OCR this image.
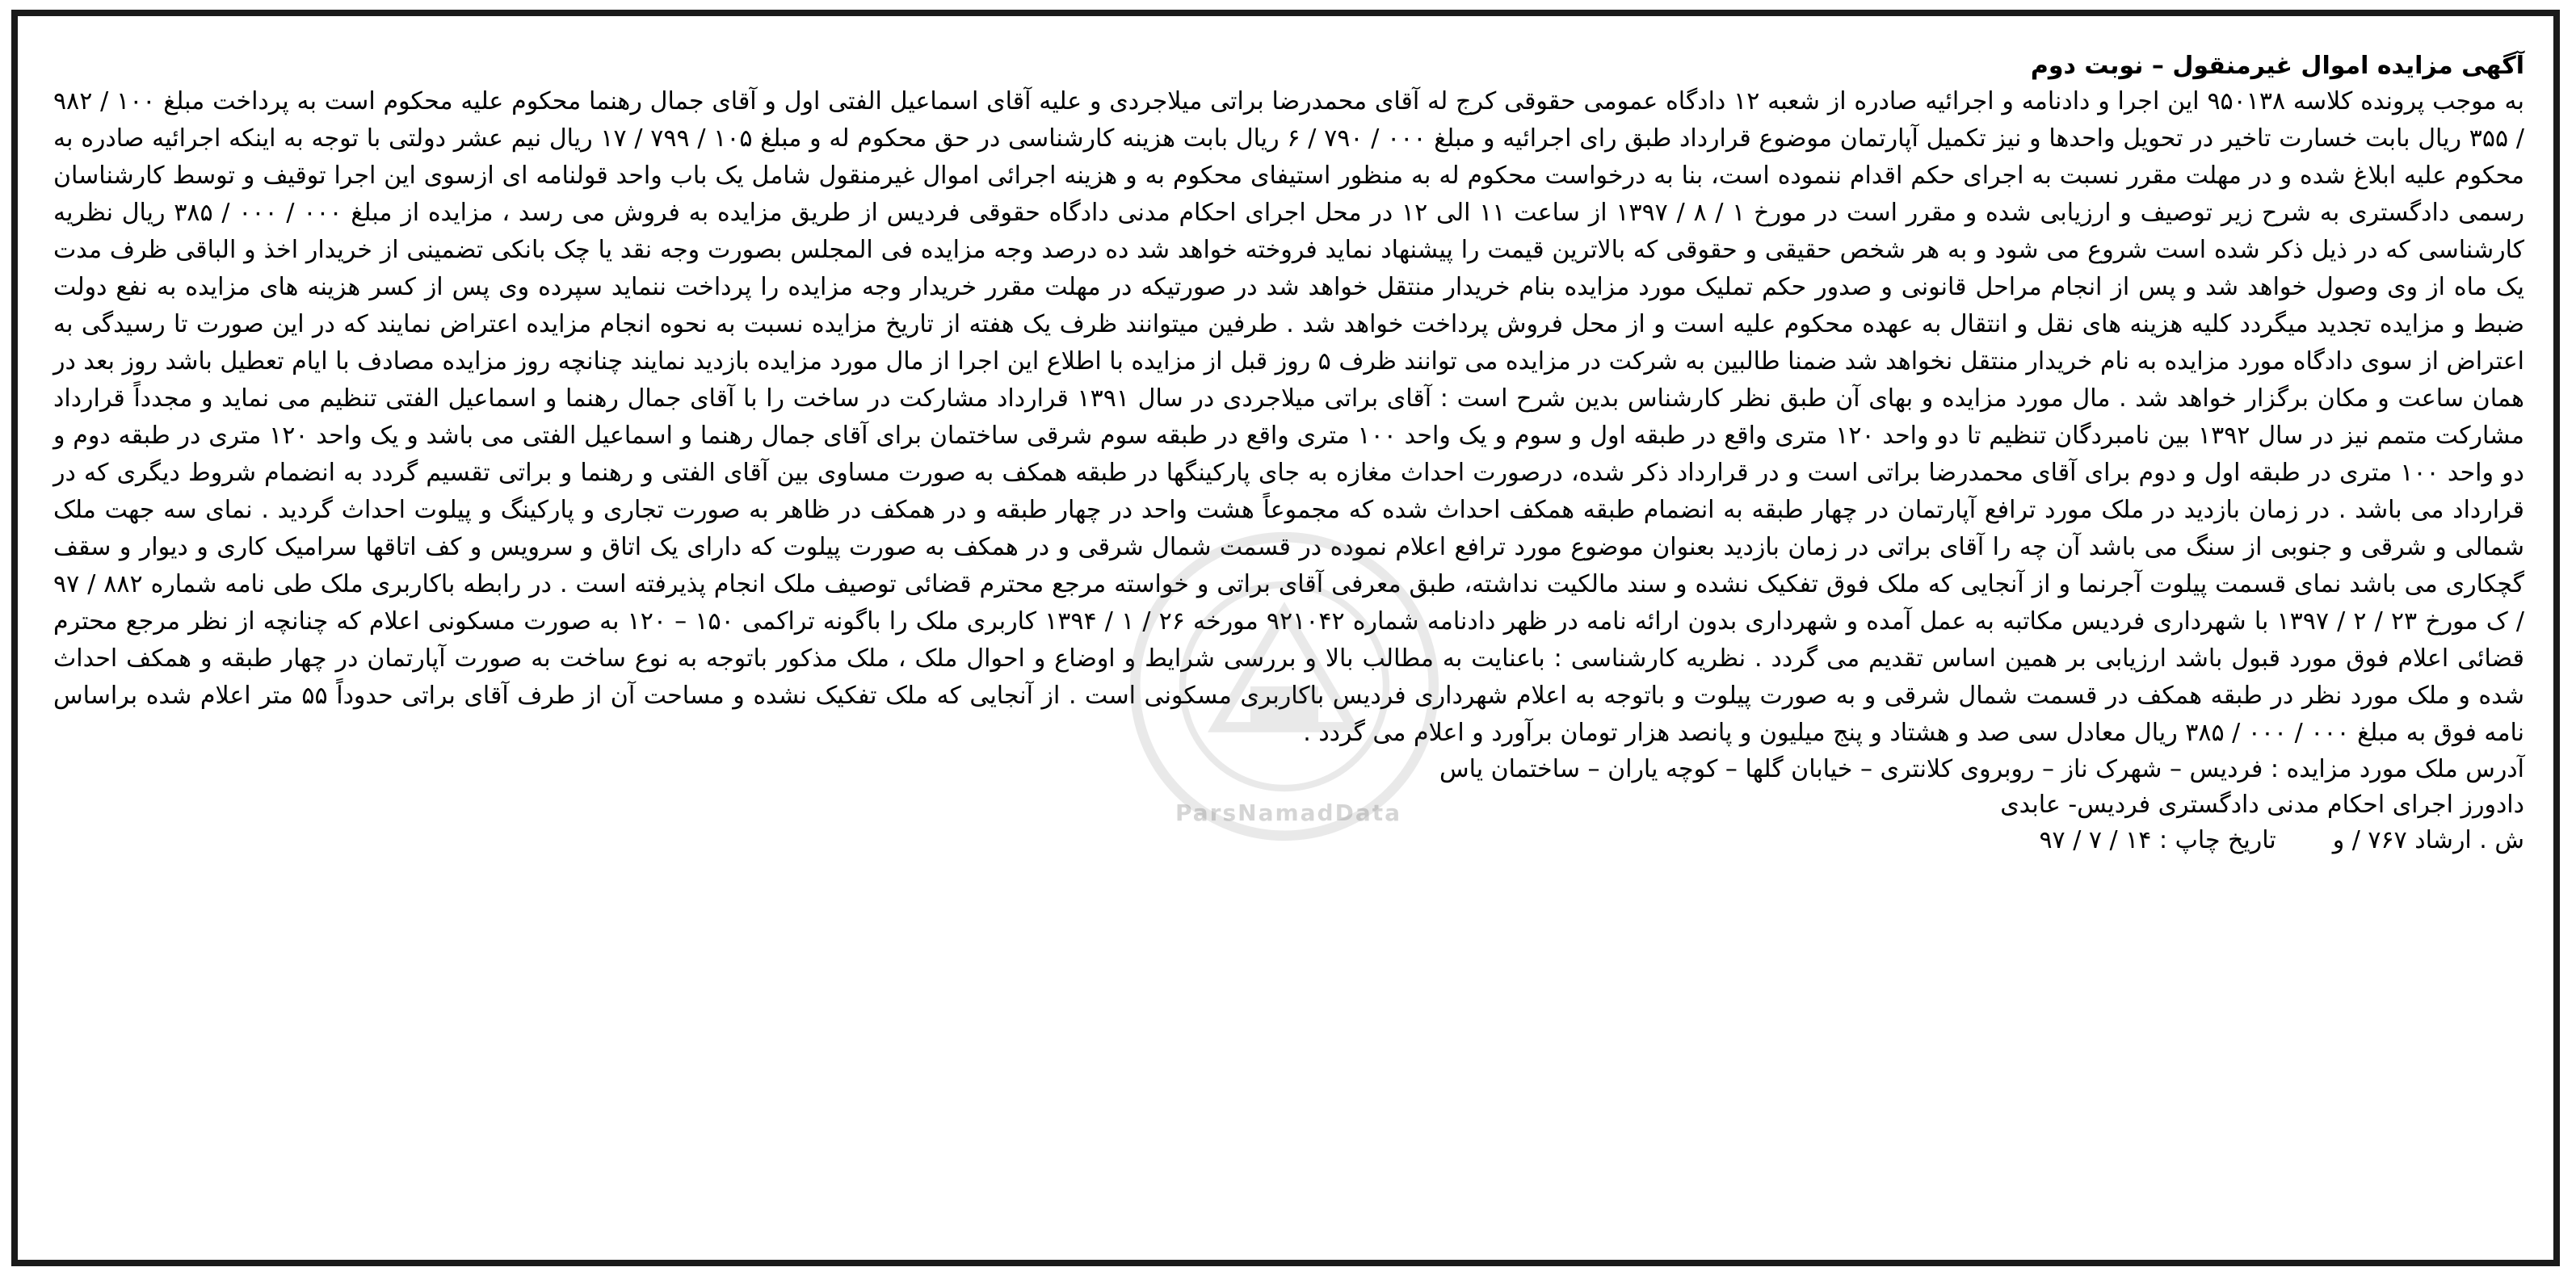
آگهی مزایده اموال غیرمنقول – نوبت دوم

به موجب پرونده کلاسه ۹۵۰۱۳۸ این اجرا و دادنامه و اجرائیه صادره از شعبه ۱۲ دادگاه عمومی حقوقی کرج له آقای محمدرضا براتی میلاجردی و علیه آقای اسماعیل الفتی اول و آقای جمال رهنما محکوم علیه محکوم است به پرداخت مبلغ ۱۰۰ / ۹۸۲ / ۳۵۵ ریال بابت خسارت تاخیر در تحویل واحدها و نیز تکمیل آپارتمان موضوع قرارداد طبق رای اجرائیه و مبلغ ۰۰۰ / ۷۹۰ / ۶ ریال بابت هزینه کارشناسی در حق محکوم له و مبلغ ۱۰۵ / ۷۹۹ / ۱۷ ریال نیم عشر دولتی با توجه به اینکه اجرائیه صادره به محکوم علیه ابلاغ شده و در مهلت مقرر نسبت به اجرای حکم اقدام ننموده است، بنا به درخواست محکوم له به منظور استیفای محکوم به و هزینه اجرائی اموال غیرمنقول شامل یک باب واحد قولنامه ای ازسوی این اجرا توقیف و توسط کارشناسان رسمی دادگستری به شرح زیر توصیف و ارزیابی شده و مقرر است در مورخ ۱ / ۸ / ۱۳۹۷ از ساعت ۱۱ الی ۱۲ در محل اجرای احکام مدنی دادگاه حقوقی فردیس از طریق مزایده به فروش می رسد ، مزایده از مبلغ ۰۰۰ / ۰۰۰ / ۳۸۵ ریال نظریه کارشناسی که در ذیل ذکر شده است شروع می شود و به هر شخص حقیقی و حقوقی که بالاترین قیمت را پیشنهاد نماید فروخته خواهد شد ده درصد وجه مزایده فی المجلس بصورت وجه نقد یا چک بانکی تضمینی از خریدار اخذ و الباقی ظرف مدت یک ماه از وی وصول خواهد شد و پس از انجام مراحل قانونی و صدور حکم تملیک مورد مزایده بنام خریدار منتقل خواهد شد در صورتیکه در مهلت مقرر خریدار وجه مزایده را پرداخت ننماید سپرده وی پس از کسر هزینه های مزایده به نفع دولت ضبط و مزایده تجدید میگردد کلیه هزینه های نقل و انتقال به عهده محکوم علیه است و از محل فروش پرداخت خواهد شد . طرفین میتوانند ظرف یک هفته از تاریخ مزایده نسبت به نحوه انجام مزایده اعتراض نمایند که در این صورت تا رسیدگی به اعتراض از سوی دادگاه مورد مزایده به نام خریدار منتقل نخواهد شد ضمنا طالبین به شرکت در مزایده می توانند ظرف ۵ روز قبل از مزایده با اطلاع این اجرا از مال مورد مزایده بازدید نمایند چنانچه روز مزایده مصادف با ایام تعطیل باشد روز بعد در همان ساعت و مکان برگزار خواهد شد . مال مورد مزایده و بهای آن طبق نظر کارشناس بدین شرح است : آقای براتی میلاجردی در سال ۱۳۹۱ قرارداد مشارکت در ساخت را با آقای جمال رهنما و اسماعیل الفتی تنظیم می نماید و مجدداً قرارداد مشارکت متمم نیز در سال ۱۳۹۲ بین نامبردگان تنظیم تا دو واحد ۱۲۰ متری واقع در طبقه اول و سوم و یک واحد ۱۰۰ متری واقع در طبقه سوم شرقی ساختمان برای آقای جمال رهنما و اسماعیل الفتی می باشد و یک واحد ۱۲۰ متری در طبقه دوم و دو واحد ۱۰۰ متری در طبقه اول و دوم برای آقای محمدرضا براتی است و در قرارداد ذکر شده، درصورت احداث مغازه به جای پارکینگها در طبقه همکف به صورت مساوی بین آقای الفتی و رهنما و براتی تقسیم گردد به انضمام شروط دیگری که در قرارداد می باشد . در زمان بازدید در ملک مورد ترافع آپارتمان در چهار طبقه به انضمام طبقه همکف احداث شده که مجموعاً هشت واحد در چهار طبقه و در همکف در ظاهر به صورت تجاری و پارکینگ و پیلوت احداث گردید . نمای سه جهت ملک شمالی و شرقی و جنوبی از سنگ می باشد آن چه را آقای براتی در زمان بازدید بعنوان موضوع مورد ترافع اعلام نموده در قسمت شمال شرقی و در همکف به صورت پیلوت که دارای یک اتاق و سرویس و کف اتاقها سرامیک کاری و دیوار و سقف گچکاری می باشد نمای قسمت پیلوت آجرنما و از آنجایی که ملک فوق تفکیک نشده و سند مالکیت نداشته، طبق معرفی آقای براتی و خواسته مرجع محترم قضائی توصیف ملک انجام پذیرفته است . در رابطه باکاربری ملک طی نامه شماره ۸۸۲ / ۹۷ / ک مورخ ۲۳ / ۲ / ۱۳۹۷ با شهرداری فردیس مکاتبه به عمل آمده و شهرداری بدون ارائه نامه در ظهر دادنامه شماره ۹۲۱۰۴۲ مورخه ۲۶ / ۱ / ۱۳۹۴ کاربری ملک را باگونه تراکمی ۱۵۰ – ۱۲۰ به صورت مسکونی اعلام که چنانچه از نظر مرجع محترم قضائی اعلام فوق مورد قبول باشد ارزیابی بر همین اساس تقدیم می گردد . نظریه کارشناسی : باعنایت به مطالب بالا و بررسی شرایط و اوضاع و احوال ملک ، ملک مذکور باتوجه به نوع ساخت به صورت آپارتمان در چهار طبقه و همکف احداث شده و ملک مورد نظر در طبقه همکف در قسمت شمال شرقی و به صورت پیلوت و باتوجه به اعلام شهرداری فردیس باکاربری مسکونی است . از آنجایی که ملک تفکیک نشده و مساحت آن از طرف آقای براتی حدوداً ۵۵ متر اعلام شده براساس نامه فوق به مبلغ ۰۰۰ / ۰۰۰ / ۳۸۵ ریال معادل سی صد و هشتاد و پنج میلیون و پانصد هزار تومان برآورد و اعلام می گردد .

آدرس ملک مورد مزایده : فردیس – شهرک ناز – روبروی کلانتری – خیابان گلها – کوچه یاران – ساختمان یاس

دادورز اجرای احکام مدنی دادگستری فردیس- عابدی

ش . ارشاد ۷۶۷ / وتاریخ چاپ : ۱۴ / ۷ / ۹۷

ParsNamadData
